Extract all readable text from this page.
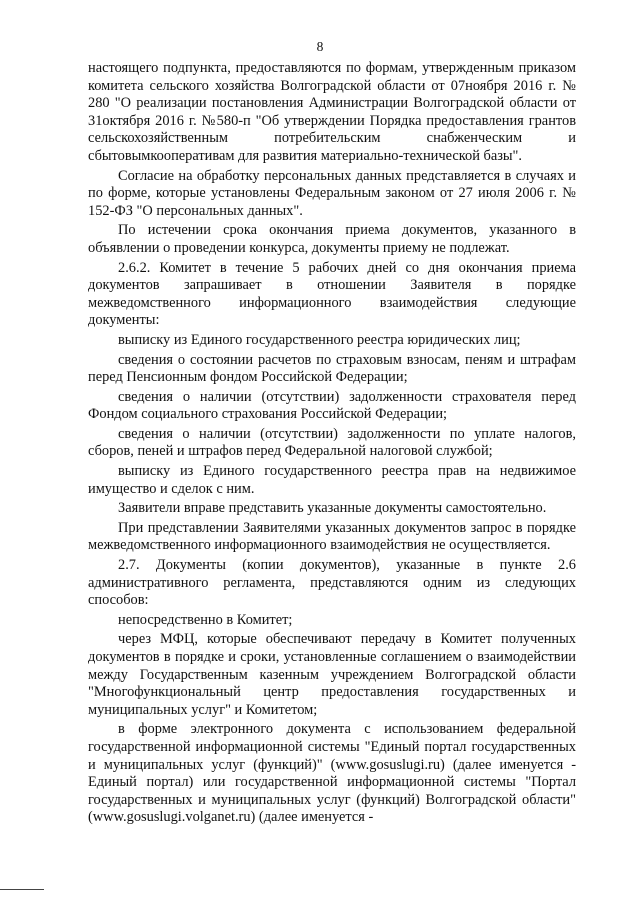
8

настоящего подпункта, предоставляются по формам, утвержденным приказом комитета сельского хозяйства Волгоградской области от 07ноября 2016 г. № 280 "О реализации постановления Администрации Волгоградской области от 31октября 2016 г. №580-п "Об утверждении Порядка предоставления грантов сельскохозяйственным потребительским снабженческим и сбытовымкооперативам для развития материально-технической базы".

Согласие на обработку персональных данных представляется в случаях и по форме, которые установлены Федеральным законом от 27 июля 2006 г. № 152-ФЗ "О персональных данных".

По истечении срока окончания приема документов, указанного в объявлении о проведении конкурса, документы приему не подлежат.

2.6.2. Комитет в течение 5 рабочих дней со дня окончания приема документов запрашивает в отношении Заявителя в порядке межведомственного информационного взаимодействия следующие документы:

выписку из Единого государственного реестра юридических лиц;

сведения о состоянии расчетов по страховым взносам, пеням и штрафам перед Пенсионным фондом Российской Федерации;

сведения о наличии (отсутствии) задолженности страхователя перед Фондом социального страхования Российской Федерации;

сведения о наличии (отсутствии) задолженности по уплате налогов, сборов, пеней и штрафов перед Федеральной налоговой службой;

выписку из Единого государственного реестра прав на недвижимое имущество и сделок с ним.

Заявители вправе представить указанные документы самостоятельно.

При представлении Заявителями указанных документов запрос в порядке межведомственного информационного взаимодействия не осуществляется.

2.7. Документы (копии документов), указанные в пункте 2.6 административного регламента, представляются одним из следующих способов:

непосредственно в Комитет;

через МФЦ, которые обеспечивают передачу в Комитет полученных документов в порядке и сроки, установленные соглашением о взаимодействии между Государственным казенным учреждением Волгоградской области "Многофункциональный центр предоставления государственных и муниципальных услуг" и Комитетом;

в форме электронного документа с использованием федеральной государственной информационной системы "Единый портал государственных и муниципальных услуг (функций)" (www.gosuslugi.ru) (далее именуется - Единый портал) или государственной информационной системы "Портал государственных и муниципальных услуг (функций) Волгоградской области" (www.gosuslugi.volganet.ru) (далее именуется -
